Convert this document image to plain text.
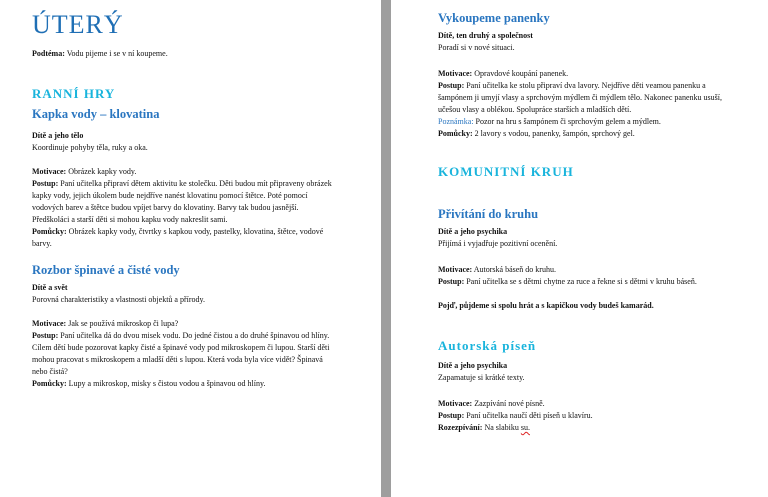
ÚTERÝ
Podtéma: Vodu pijeme i se v ní koupeme.
RANNÍ HRY
Kapka vody – klovatina
Dítě a jeho tělo
Koordinuje pohyby těla, ruky a oka.
Motivace: Obrázek kapky vody.
Postup: Paní učitelka připraví dětem aktivitu ke stolečku. Děti budou mít připraveny obrázek
kapky vody, jejich úkolem bude nejdříve nanést klovatinu pomocí štětce. Poté pomocí
vodových barev a štětce budou vpíjet barvy do klovatiny. Barvy tak budou jasnější.
Předškoláci a starší děti si mohou kapku vody nakreslit sami.
Pomůcky: Obrázek kapky vody, čtvrtky s kapkou vody, pastelky, klovatina, štětce, vodové
barvy.
Rozbor špinavé a čisté vody
Dítě a svět
Porovná charakteristiky a vlastnosti objektů a přírody.
Motivace: Jak se používá mikroskop či lupa?
Postup: Paní učitelka dá do dvou misek vodu. Do jedné čistou a do druhé špinavou od hlíny.
Cílem dětí bude pozorovat kapky čisté a špinavé vody pod mikroskopem či lupou. Starší děti
mohou pracovat s mikroskopem a mladší děti s lupou. Která voda byla více vidět? Špinavá
nebo čistá?
Pomůcky: Lupy a mikroskop, misky s čistou vodou a špinavou od hlíny.
Vykoupeme panenky
Dítě, ten druhý a společnost
Poradí si v nové situaci.
Motivace: Opravdové koupání panenek.
Postup: Paní učitelka ke stolu připraví dva lavory. Nejdříve děti veamou panenku a
šampónem ji umyjí vlasy a sprchovým mýdlem či mýdlem tělo. Nakonec panenku usuší,
učešou vlasy a oblékou. Spolupráce starších a mladších dětí.
Poznámka: Pozor na hru s šampónem či sprchovým gelem a mýdlem.
Pomůcky: 2 lavory s vodou, panenky, šampón, sprchový gel.
KOMUNITNÍ KRUH
Přivítání do kruhu
Dítě a jeho psychika
Přijímá i vyjadřuje pozitivní ocenění.
Motivace: Autorská báseň do kruhu.
Postup: Paní učitelka se s dětmi chytne za ruce a řekne si s dětmi v kruhu báseň.
Pojď, půjdeme si spolu hrát a s kapičkou vody budeš kamarád.
Autorská píseň
Dítě a jeho psychika
Zapamatuje si krátké texty.
Motivace: Zazpívání nové písně.
Postup: Paní učitelka naučí děti píseň u klavíru.
Rozezpívání: Na slabiku su.
